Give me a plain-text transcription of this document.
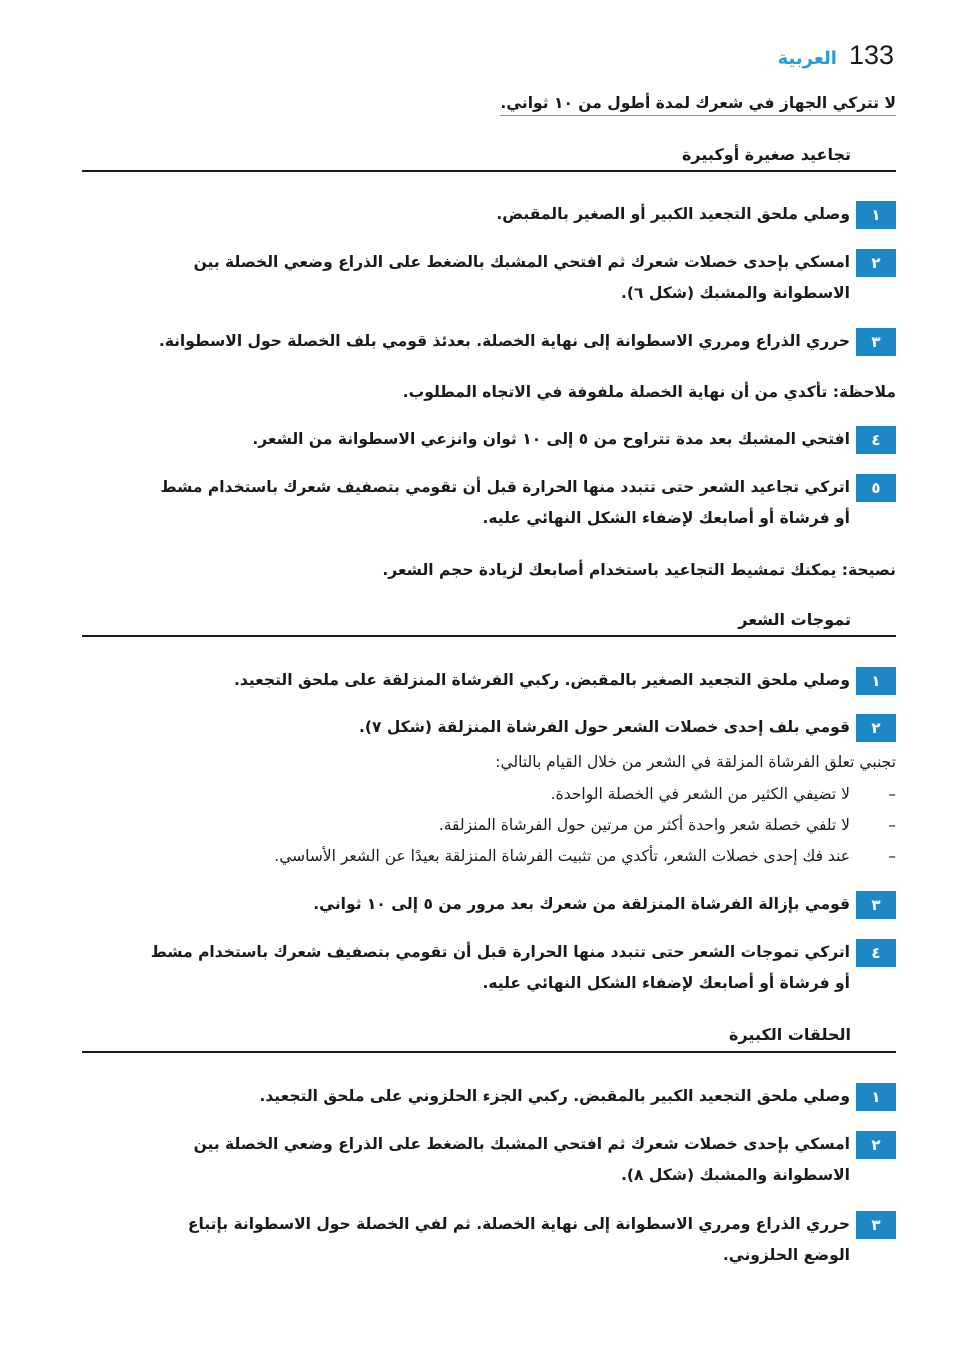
133
العربية
لا تتركي الجهاز في شعرك لمدة أطول من ١٠ ثواني.
تجاعيد صغيرة أوكبيرة
١
وصلي ملحق التجعيد الكبير أو الصغير بالمقبض.
٢
امسكي بإحدى خصلات شعرك ثم افتحي المشبك بالضغط على الذراع وضعي الخصلة بين
الاسطوانة والمشبك (شكل ٦).
٣
حرري الذراع ومرري الاسطوانة إلى نهاية الخصلة. بعدئذ قومي بلف الخصلة حول الاسطوانة.
ملاحظة: تأكدي من أن نهاية الخصلة ملفوفة في الاتجاه المطلوب.
٤
افتحي المشبك بعد مدة تتراوح من ٥ إلى ١٠ ثوان وانزعي الاسطوانة من الشعر.
٥
اتركي تجاعيد الشعر حتى تتبدد منها الحرارة قبل أن تقومي بتصفيف شعرك باستخدام مشط
أو فرشاة أو أصابعك لإضفاء الشكل النهائي عليه.
نصيحة: يمكنك تمشيط التجاعيد باستخدام أصابعك لزيادة حجم الشعر.
تموجات الشعر
١
وصلي ملحق التجعيد الصغير بالمقبض. ركبي الفرشاة المنزلقة على ملحق التجعيد.
٢
قومي بلف إحدى خصلات الشعر حول الفرشاة المنزلقة (شكل ٧).
تجنبي تعلق الفرشاة المزلقة في الشعر من خلال القيام بالتالي:
–
لا تضيفي الكثير من الشعر في الخصلة الواحدة.
–
لا تلفي خصلة شعر واحدة أكثر من مرتين حول الفرشاة المنزلقة.
–
عند فك إحدى خصلات الشعر، تأكدي من تثبيت الفرشاة المنزلقة بعيدًا عن الشعر الأساسي.
٣
قومي بإزالة الفرشاة المنزلقة من شعرك بعد مرور من ٥ إلى ١٠ ثواني.
٤
اتركي تموجات الشعر حتى تتبدد منها الحرارة قبل أن تقومي بتصفيف شعرك باستخدام مشط
أو فرشاة أو أصابعك لإضفاء الشكل النهائي عليه.
الحلقات الكبيرة
١
وصلي ملحق التجعيد الكبير بالمقبض. ركبي الجزء الحلزوني على ملحق التجعيد.
٢
امسكي بإحدى خصلات شعرك ثم افتحي المشبك بالضغط على الذراع وضعي الخصلة بين
الاسطوانة والمشبك (شكل ٨).
٣
حرري الذراع ومرري الاسطوانة إلى نهاية الخصلة. ثم لفي الخصلة حول الاسطوانة بإتباع
الوضع الحلزوني.
